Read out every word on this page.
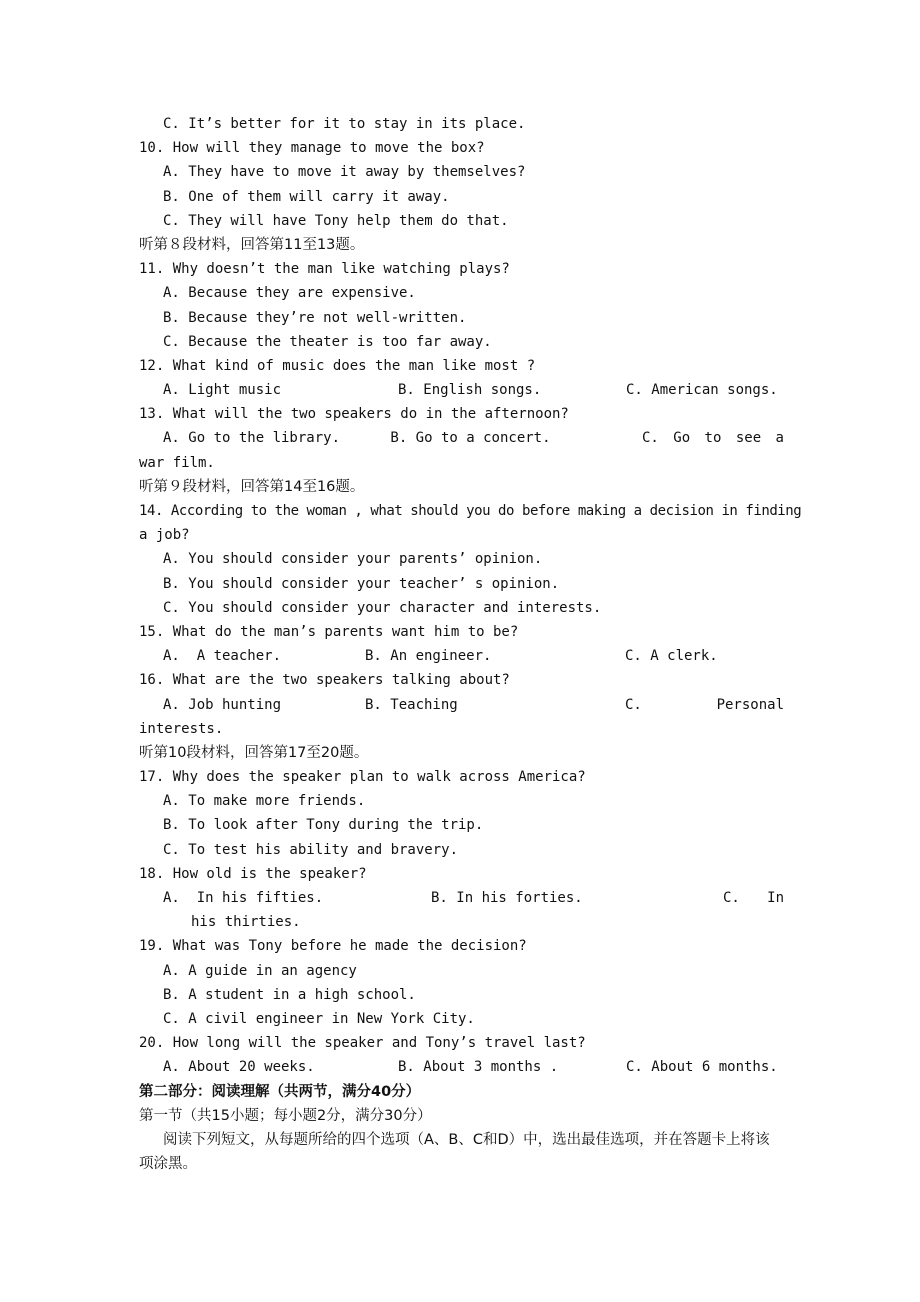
C. It’s better for it to stay in its place.
10. How will they manage to move the box?
A. They have to move it away by themselves?
B. One of them will carry it away.
C. They will have Tony help them do that.
听第８段材料，回答第11至13题。
11. Why doesn’t the man like watching plays?
A. Because they are expensive.
B. Because they’re not well-written.
C. Because the theater is too far away.
12. What kind of music does the man like most ?
A. Light music	B. English songs.	C. American songs.
13. What will the two speakers do in the afternoon?
A. Go to the library.	B. Go to a concert.	C. Go to see a
war film.
听第９段材料，回答第14至16题。
14. According to the woman , what should you do before making a decision in finding
a job?
A. You should consider your parents’ opinion.
B. You should consider your teacher’ s opinion.
C. You should consider your character and interests.
15. What do the man’s parents want him to be?
A.  A teacher.	B. An engineer.	C. A clerk.
16. What are the two speakers talking about?
A. Job hunting	B. Teaching	C.	Personal
interests.
听第10段材料，回答第17至20题。
17. Why does the speaker plan to walk across America?
A. To make more friends.
B. To look after Tony during the trip.
C. To test his ability and bravery.
18. How old is the speaker?
A.  In his fifties.	B. In his forties.	C. In
his thirties.
19. What was Tony before he made the decision?
A. A guide in an agency
B. A student in a high school.
C. A civil engineer in New York City.
20. How long will the speaker and Tony’s travel last?
A. About 20 weeks.	B. About 3 months .	C. About 6 months.
第二部分：阅读理解（共两节，满分40分）
第一节（共15小题；每小题2分，满分30分）
阅读下列短文，从每题所给的四个选项（A、B、C和D）中，选出最佳选项，并在答题卡上将该项涂黑。
